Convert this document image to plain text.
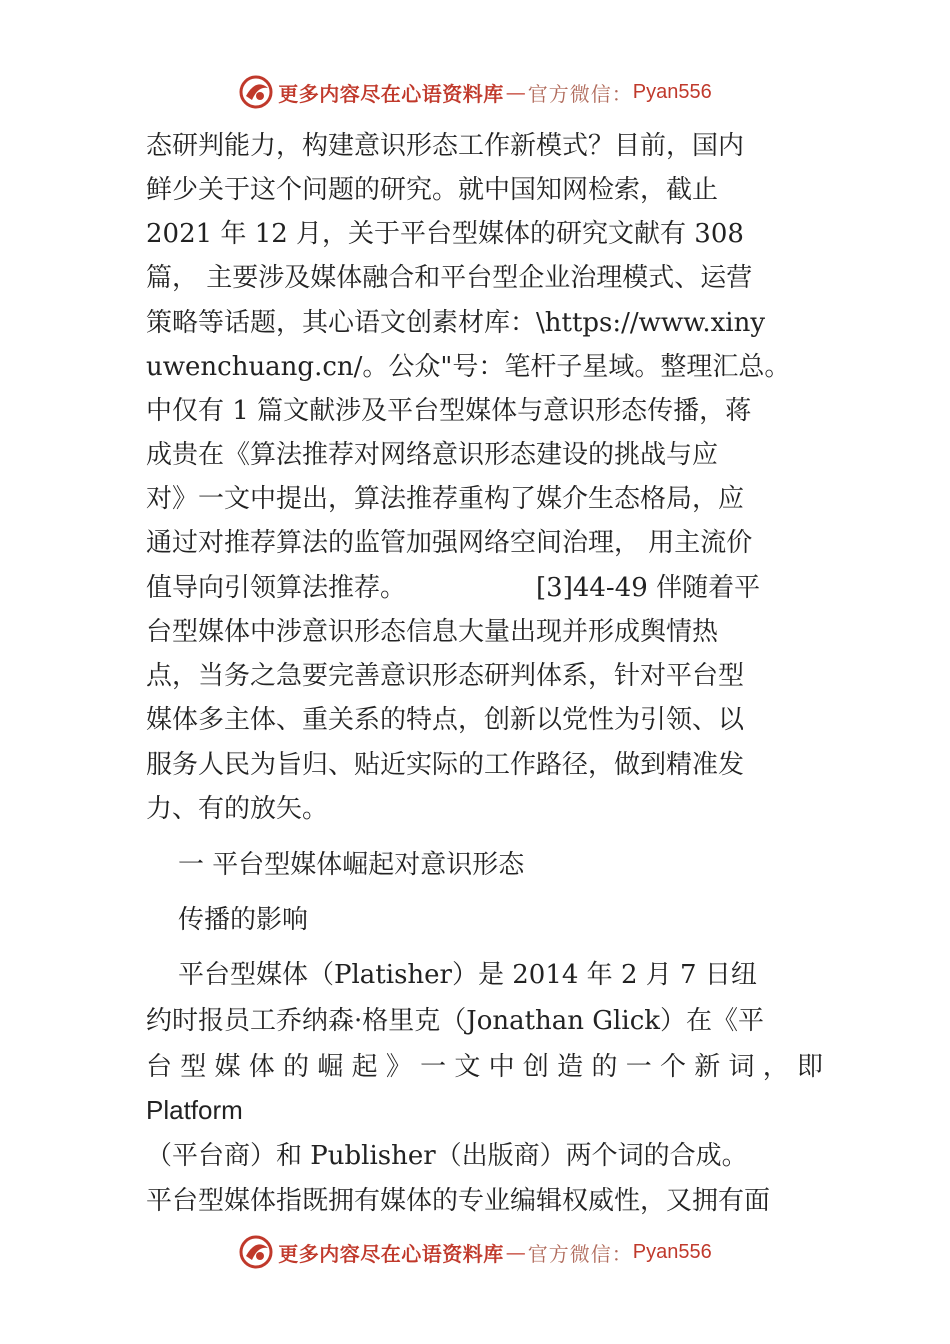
更多内容尽在心语资料库 — 官方微信： Pyan556
态研判能力，构建意识形态工作新模式？目前，国内
鲜少关于这个问题的研究。就中国知网检索，截止
2021 年 12 月，关于平台型媒体的研究文献有 308
篇， 主要涉及媒体融合和平台型企业治理模式、运营
策略等话题，其心语文创素材库：\https://www.xiny
uwenchuang.cn/。公众"号：笔杆子星域。整理汇总。
中仅有 1 篇文献涉及平台型媒体与意识形态传播，蒋
成贵在《算法推荐对网络意识形态建设的挑战与应
对》一文中提出，算法推荐重构了媒介生态格局，应
通过对推荐算法的监管加强网络空间治理， 用主流价
值导向引领算法推荐。	[3]44-49 伴随着平
台型媒体中涉意识形态信息大量出现并形成舆情热
点，当务之急要完善意识形态研判体系，针对平台型
媒体多主体、重关系的特点，创新以党性为引领、以
服务人民为旨归、贴近实际的工作路径，做到精准发
力、有的放矢。
一 平台型媒体崛起对意识形态
传播的影响
平台型媒体（Platisher）是 2014 年 2 月 7 日纽
约时报员工乔纳森·格里克（Jonathan Glick）在《平
台 型 媒 体 的 崛 起 》 一 文 中 创 造 的 一 个 新 词 ， 即
Platform
（平台商）和 Publisher（出版商）两个词的合成。
平台型媒体指既拥有媒体的专业编辑权威性，又拥有面
更多内容尽在心语资料库 — 官方微信： Pyan556
